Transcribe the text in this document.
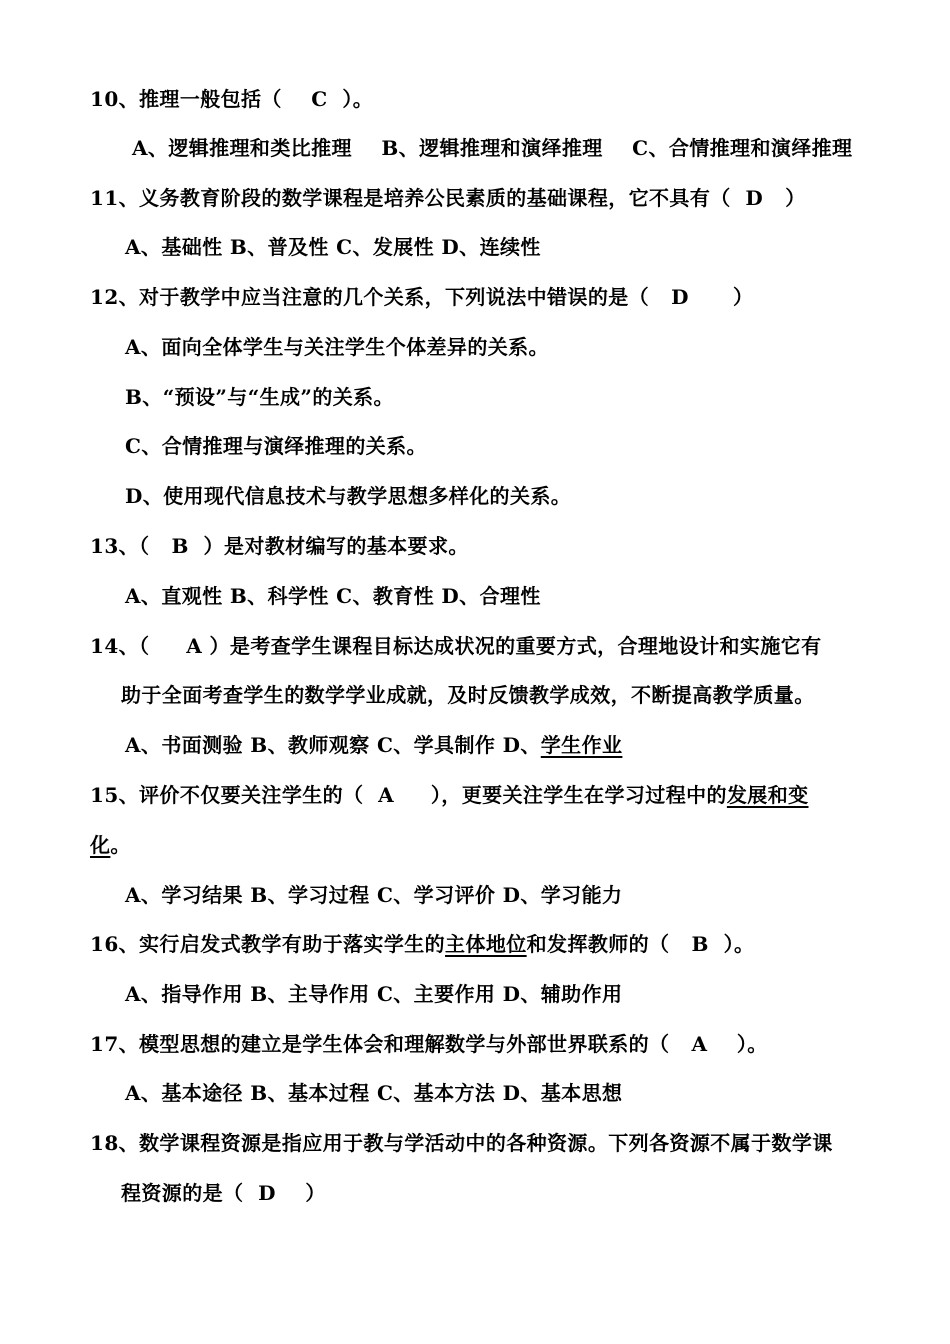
10、推理一般包括（    C  ）。
A、逻辑推理和类比推理    B、逻辑推理和演绎推理    C、合情推理和演绎推理
11、义务教育阶段的数学课程是培养公民素质的基础课程，它不具有（  D   ）
A、基础性 B、普及性 C、发展性 D、连续性
12、对于教学中应当注意的几个关系，下列说法中错误的是（   D      ）
A、面向全体学生与关注学生个体差异的关系。
B、“预设”与“生成”的关系。
C、合情推理与演绎推理的关系。
D、使用现代信息技术与教学思想多样化的关系。
13、（   B  ）是对教材编写的基本要求。
A、直观性 B、科学性 C、教育性 D、合理性
14、（     A ）是考查学生课程目标达成状况的重要方式，合理地设计和实施它有
助于全面考查学生的数学学业成就，及时反馈教学成效，不断提高教学质量。
A、书面测验 B、教师观察 C、学具制作 D、学生作业
15、评价不仅要关注学生的（  A     ），更要关注学生在学习过程中的发展和变
化。
A、学习结果 B、学习过程 C、学习评价 D、学习能力
16、实行启发式教学有助于落实学生的主体地位和发挥教师的（   B  ）。
A、指导作用 B、主导作用 C、主要作用 D、辅助作用
17、模型思想的建立是学生体会和理解数学与外部世界联系的（   A    ）。
A、基本途径 B、基本过程 C、基本方法 D、基本思想
18、数学课程资源是指应用于教与学活动中的各种资源。下列各资源不属于数学课
程资源的是（  D    ）
